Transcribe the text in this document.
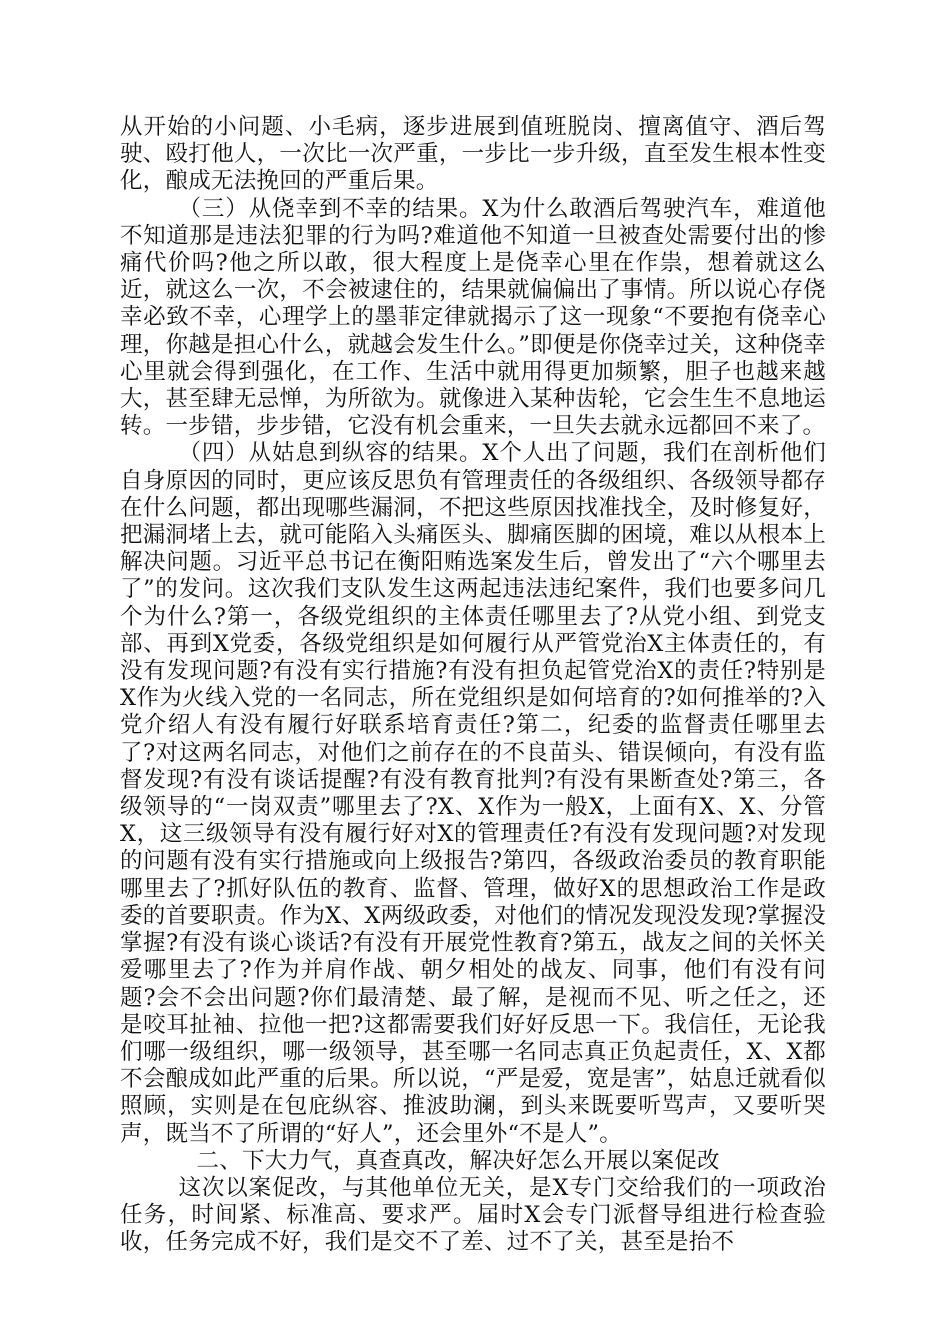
从开始的小问题、小毛病，逐步进展到值班脱岗、擅离值守、酒后驾驶、殴打他人，一次比一次严重，一步比一步升级，直至发生根本性变化，酿成无法挽回的严重后果。

（三）从侥幸到不幸的结果。X为什么敢酒后驾驶汽车，难道他不知道那是违法犯罪的行为吗?难道他不知道一旦被查处需要付出的惨痛代价吗?他之所以敢，很大程度上是侥幸心里在作祟，想着就这么近，就这么一次，不会被逮住的，结果就偏偏出了事情。所以说心存侥幸必致不幸，心理学上的墨菲定律就揭示了这一现象“不要抱有侥幸心理，你越是担心什么，就越会发生什么。”即便是你侥幸过关，这种侥幸心里就会得到强化，在工作、生活中就用得更加频繁，胆子也越来越大，甚至肆无忌惮，为所欲为。就像进入某种齿轮，它会生生不息地运转。一步错，步步错，它没有机会重来，一旦失去就永远都回不来了。

（四）从姑息到纵容的结果。X个人出了问题，我们在剖析他们自身原因的同时，更应该反思负有管理责任的各级组织、各级领导都存在什么问题，都出现哪些漏洞，不把这些原因找准找全，及时修复好，把漏洞堵上去，就可能陷入头痛医头、脚痛医脚的困境，难以从根本上解决问题。习近平总书记在衡阳贿选案发生后，曾发出了“六个哪里去了”的发问。这次我们支队发生这两起违法违纪案件，我们也要多问几个为什么?第一，各级党组织的主体责任哪里去了?从党小组、到党支部、再到X党委，各级党组织是如何履行从严管党治X主体责任的，有没有发现问题?有没有实行措施?有没有担负起管党治X的责任?特别是X作为火线入党的一名同志，所在党组织是如何培育的?如何推举的?入党介绍人有没有履行好联系培育责任?第二，纪委的监督责任哪里去了?对这两名同志，对他们之前存在的不良苗头、错误倾向，有没有监督发现?有没有谈话提醒?有没有教育批判?有没有果断查处?第三，各级领导的“一岗双责”哪里去了?X、X作为一般X，上面有X、X、分管X，这三级领导有没有履行好对X的管理责任?有没有发现问题?对发现的问题有没有实行措施或向上级报告?第四，各级政治委员的教育职能哪里去了?抓好队伍的教育、监督、管理，做好X的思想政治工作是政委的首要职责。作为X、X两级政委，对他们的情况发现没发现?掌握没掌握?有没有谈心谈话?有没有开展党性教育?第五，战友之间的关怀关爱哪里去了?作为并肩作战、朝夕相处的战友、同事，他们有没有问题?会不会出问题?你们最清楚、最了解，是视而不见、听之任之，还是咬耳扯袖、拉他一把?这都需要我们好好反思一下。我信任，无论我们哪一级组织，哪一级领导，甚至哪一名同志真正负起责任，X、X都不会酿成如此严重的后果。所以说，“严是爱，宽是害”，姑息迁就看似照顾，实则是在包庇纵容、推波助澜，到头来既要听骂声，又要听哭声，既当不了所谓的“好人”，还会里外“不是人”。

二、下大力气，真查真改，解决好怎么开展以案促改

这次以案促改，与其他单位无关，是X专门交给我们的一项政治任务，时间紧、标准高、要求严。届时X会专门派督导组进行检查验收，任务完成不好，我们是交不了差、过不了关，甚至是抬不
